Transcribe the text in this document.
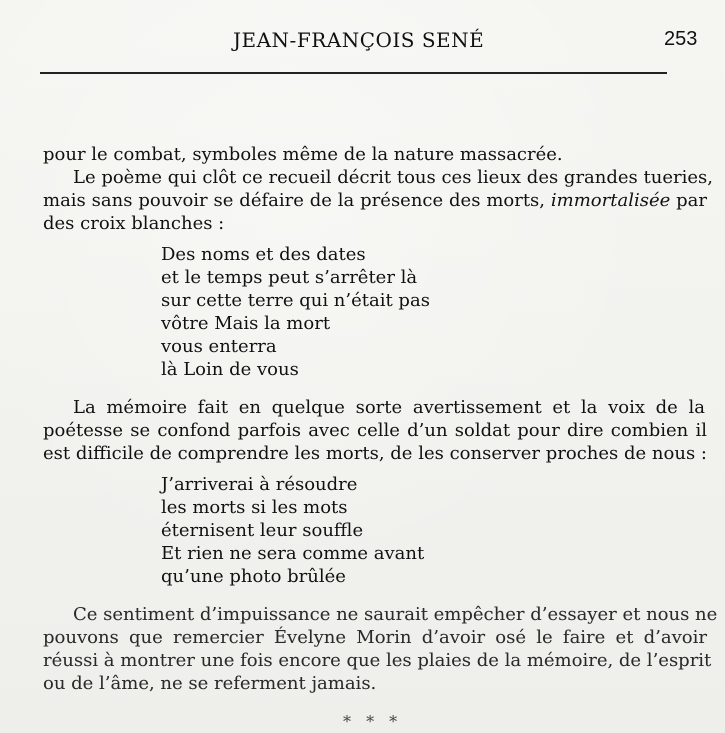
JEAN-FRANÇOIS SENÉ	253
pour le combat, symboles même de la nature massacrée.
Le poème qui clôt ce recueil décrit tous ces lieux des grandes tueries,
mais sans pouvoir se défaire de la présence des morts, immortalisée par
des croix blanches :
Des noms et des dates
et le temps peut s’arrêter là
sur cette terre qui n’était pas
vôtre Mais la mort
vous enterra
là Loin de vous
La mémoire fait en quelque sorte avertissement et la voix de la
poétesse se confond parfois avec celle d’un soldat pour dire combien il
est difficile de comprendre les morts, de les conserver proches de nous :
J’arriverai à résoudre
les morts si les mots
éternisent leur souffle
Et rien ne sera comme avant
qu’une photo brûlée
Ce sentiment d’impuissance ne saurait empêcher d’essayer et nous ne
pouvons que remercier Évelyne Morin d’avoir osé le faire et d’avoir
réussi à montrer une fois encore que les plaies de la mémoire, de l’esprit
ou de l’âme, ne se referment jamais.
* * *
